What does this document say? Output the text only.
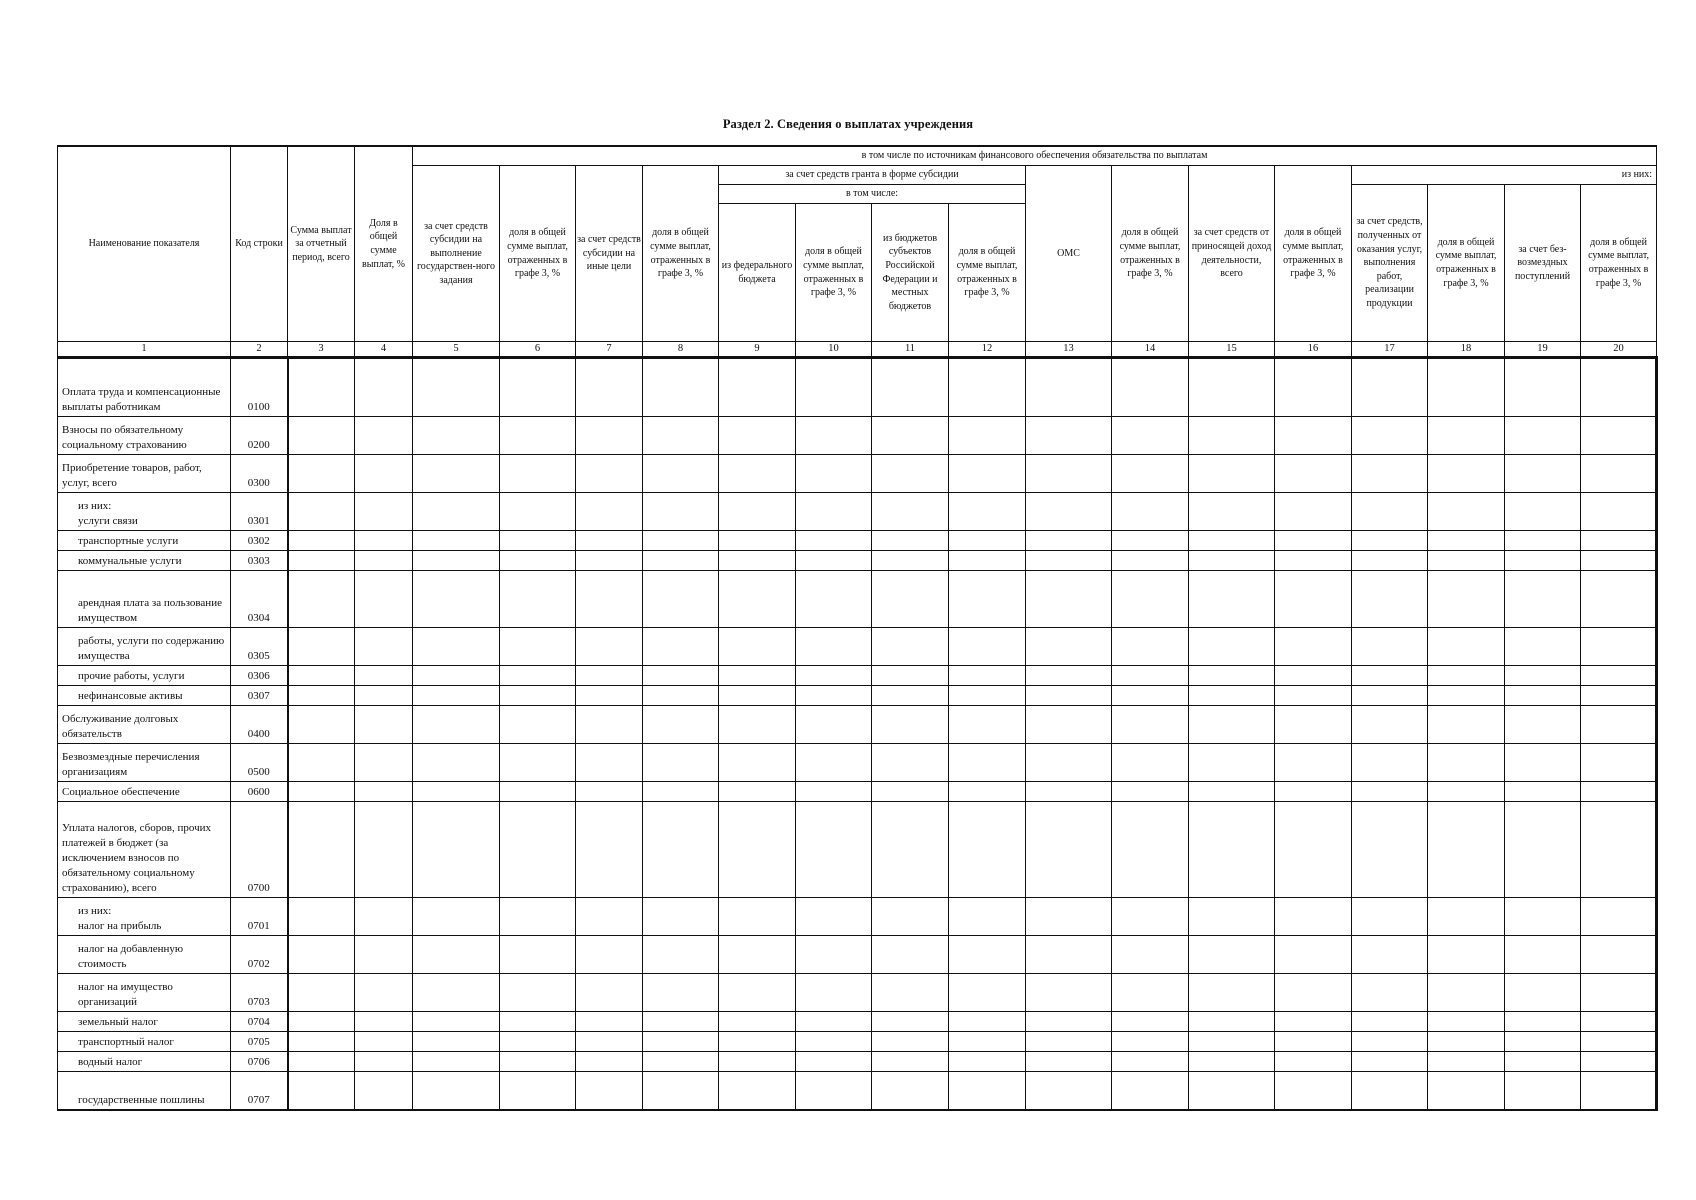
Раздел 2. Сведения о выплатах учреждения
Наименование показателя	Код строки	Сумма выплат за отчетный период, всего	Доля в общей сумме выплат, %	в том числе по источникам финансового обеспечения обязательства по выплатам															
				за счет средств субсидии на выполнение государствен-ного задания	доля в общей сумме выплат, отраженных в графе 3, %	за счет средств субсидии на иные цели	доля в общей сумме выплат, отраженных в графе 3, %	за счет средств гранта в форме субсидии				ОМС	доля в общей сумме выплат, отраженных в графе 3, %	за счет средств от приносящей доход деятельности, всего	доля в общей сумме выплат, отраженных в графе 3, %	из них:			
								в том числе:								за счет средств, полученных от оказания услуг, выполнения работ, реализации продукции	доля в общей сумме выплат, отраженных в графе 3, %	за счет без-возмездных поступлений	доля в общей сумме выплат, отраженных в графе 3, %
								из федерального бюджета	доля в общей сумме выплат, отраженных в графе 3, %	из бюджетов субъектов Российской Федерации и местных бюджетов	доля в общей сумме выплат, отраженных в графе 3, %								
1	2	3	4	5	6	7	8	9	10	11	12	13	14	15	16	17	18	19	20
Оплата труда и компенсационные выплаты работникам	0100																		
Взносы по обязательному социальному страхованию	0200																		
Приобретение товаров, работ, услуг, всего	0300																		
из них:
услуги связи	0301																		
транспортные услуги	0302																		
коммунальные услуги	0303																		
арендная плата за пользование имуществом	0304																		
работы, услуги по содержанию имущества	0305																		
прочие работы, услуги	0306																		
нефинансовые активы	0307																		
Обслуживание долговых обязательств	0400																		
Безвозмездные перечисления организациям	0500																		
Социальное обеспечение	0600																		
Уплата налогов, сборов, прочих платежей в бюджет (за исключением взносов по обязательному социальному страхованию), всего	0700																		
из них:
налог на прибыль	0701																		
налог на добавленную стоимость	0702																		
налог на имущество организаций	0703																		
земельный налог	0704																		
транспортный налог	0705																		
водный налог	0706																		
государственные пошлины	0707																		
